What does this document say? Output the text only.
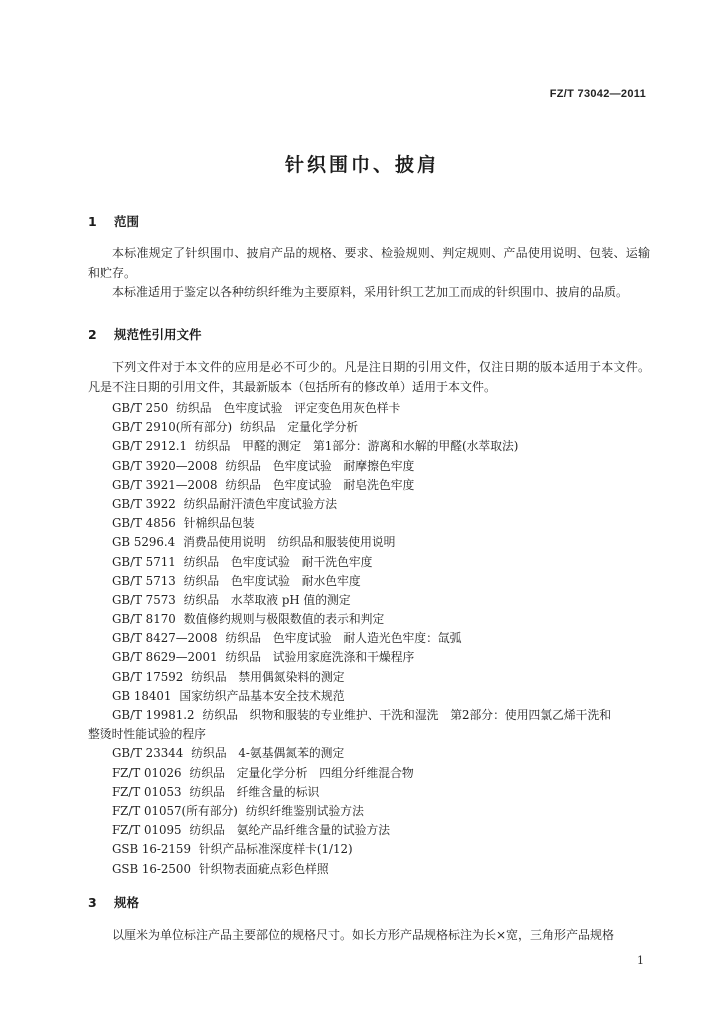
FZ/T 73042—2011
针织围巾、披肩
1 范围
本标准规定了针织围巾、披肩产品的规格、要求、检验规则、判定规则、产品使用说明、包装、运输和贮存。
本标准适用于鉴定以各种纺织纤维为主要原料，采用针织工艺加工而成的针织围巾、披肩的品质。
2 规范性引用文件
下列文件对于本文件的应用是必不可少的。凡是注日期的引用文件，仅注日期的版本适用于本文件。凡是不注日期的引用文件，其最新版本（包括所有的修改单）适用于本文件。
GB/T 250 纺织品　色牢度试验　评定变色用灰色样卡
GB/T 2910(所有部分) 纺织品　定量化学分析
GB/T 2912.1 纺织品　甲醛的测定　第1部分：游离和水解的甲醛(水萃取法)
GB/T 3920—2008 纺织品　色牢度试验　耐摩擦色牢度
GB/T 3921—2008 纺织品　色牢度试验　耐皂洗色牢度
GB/T 3922 纺织品耐汗渍色牢度试验方法
GB/T 4856 针棉织品包装
GB 5296.4 消费品使用说明　纺织品和服装使用说明
GB/T 5711 纺织品　色牢度试验　耐干洗色牢度
GB/T 5713 纺织品　色牢度试验　耐水色牢度
GB/T 7573 纺织品　水萃取液 pH 值的测定
GB/T 8170 数值修约规则与极限数值的表示和判定
GB/T 8427—2008 纺织品　色牢度试验　耐人造光色牢度：氙弧
GB/T 8629—2001 纺织品　试验用家庭洗涤和干燥程序
GB/T 17592 纺织品　禁用偶氮染料的测定
GB 18401 国家纺织产品基本安全技术规范
GB/T 19981.2 纺织品　织物和服装的专业维护、干洗和湿洗　第2部分：使用四氯乙烯干洗和
整烫时性能试验的程序
GB/T 23344 纺织品　4-氨基偶氮苯的测定
FZ/T 01026 纺织品　定量化学分析　四组分纤维混合物
FZ/T 01053 纺织品　纤维含量的标识
FZ/T 01057(所有部分) 纺织纤维鉴别试验方法
FZ/T 01095 纺织品　氨纶产品纤维含量的试验方法
GSB 16-2159 针织产品标准深度样卡(1/12)
GSB 16-2500 针织物表面疵点彩色样照
3 规格
以厘米为单位标注产品主要部位的规格尺寸。如长方形产品规格标注为长×宽，三角形产品规格
1
